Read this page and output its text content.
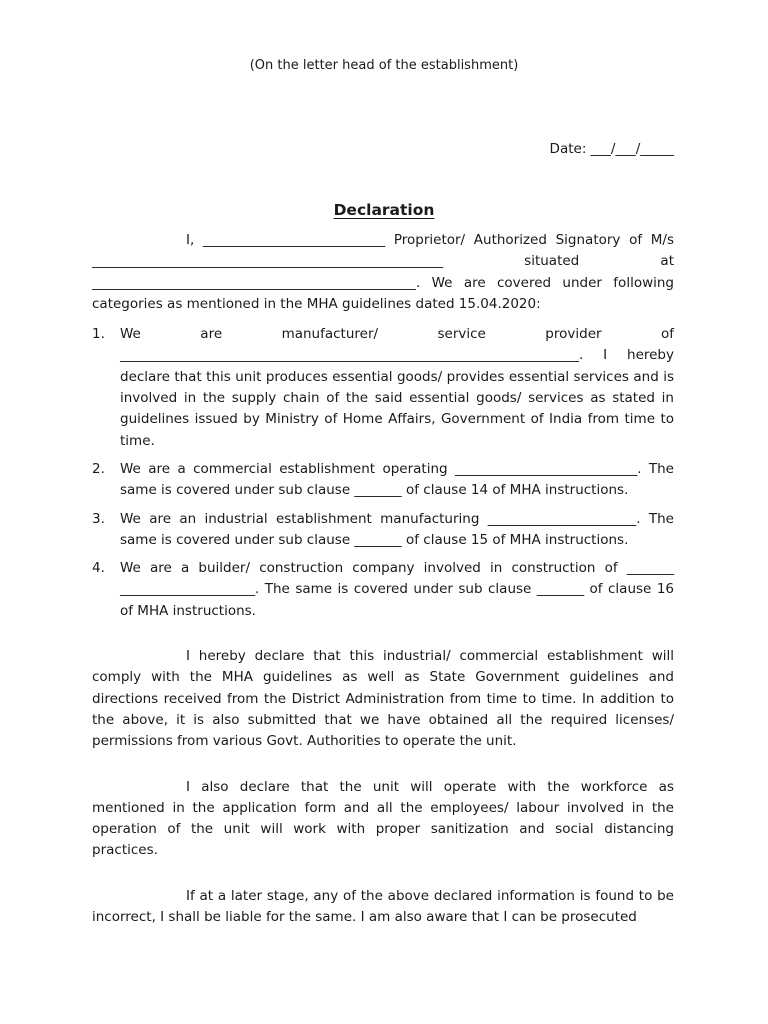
(On the letter head of the establishment)
Date: ___/___/_____
Declaration

I, ___________________________ Proprietor/ Authorized Signatory of M/s ____________________________________________________ situated at ________________________________________________. We are covered under following categories as mentioned in the MHA guidelines dated 15.04.2020:

1. We are manufacturer/ service provider of ____________________________________________________________________. I hereby declare that this unit produces essential goods/ provides essential services and is involved in the supply chain of the said essential goods/ services as stated in guidelines issued by Ministry of Home Affairs, Government of India from time to time.
2. We are a commercial establishment operating ___________________________. The same is covered under sub clause _______ of clause 14 of MHA instructions.
3. We are an industrial establishment manufacturing ______________________. The same is covered under sub clause _______ of clause 15 of MHA instructions.
4. We are a builder/ construction company involved in construction of _______ ____________________. The same is covered under sub clause _______ of clause 16 of MHA instructions.

I hereby declare that this industrial/ commercial establishment will comply with the MHA guidelines as well as State Government guidelines and directions received from the District Administration from time to time. In addition to the above, it is also submitted that we have obtained all the required licenses/ permissions from various Govt. Authorities to operate the unit.

I also declare that the unit will operate with the workforce as mentioned in the application form and all the employees/ labour involved in the operation of the unit will work with proper sanitization and social distancing practices.

If at a later stage, any of the above declared information is found to be incorrect, I shall be liable for the same. I am also aware that I can be prosecuted
